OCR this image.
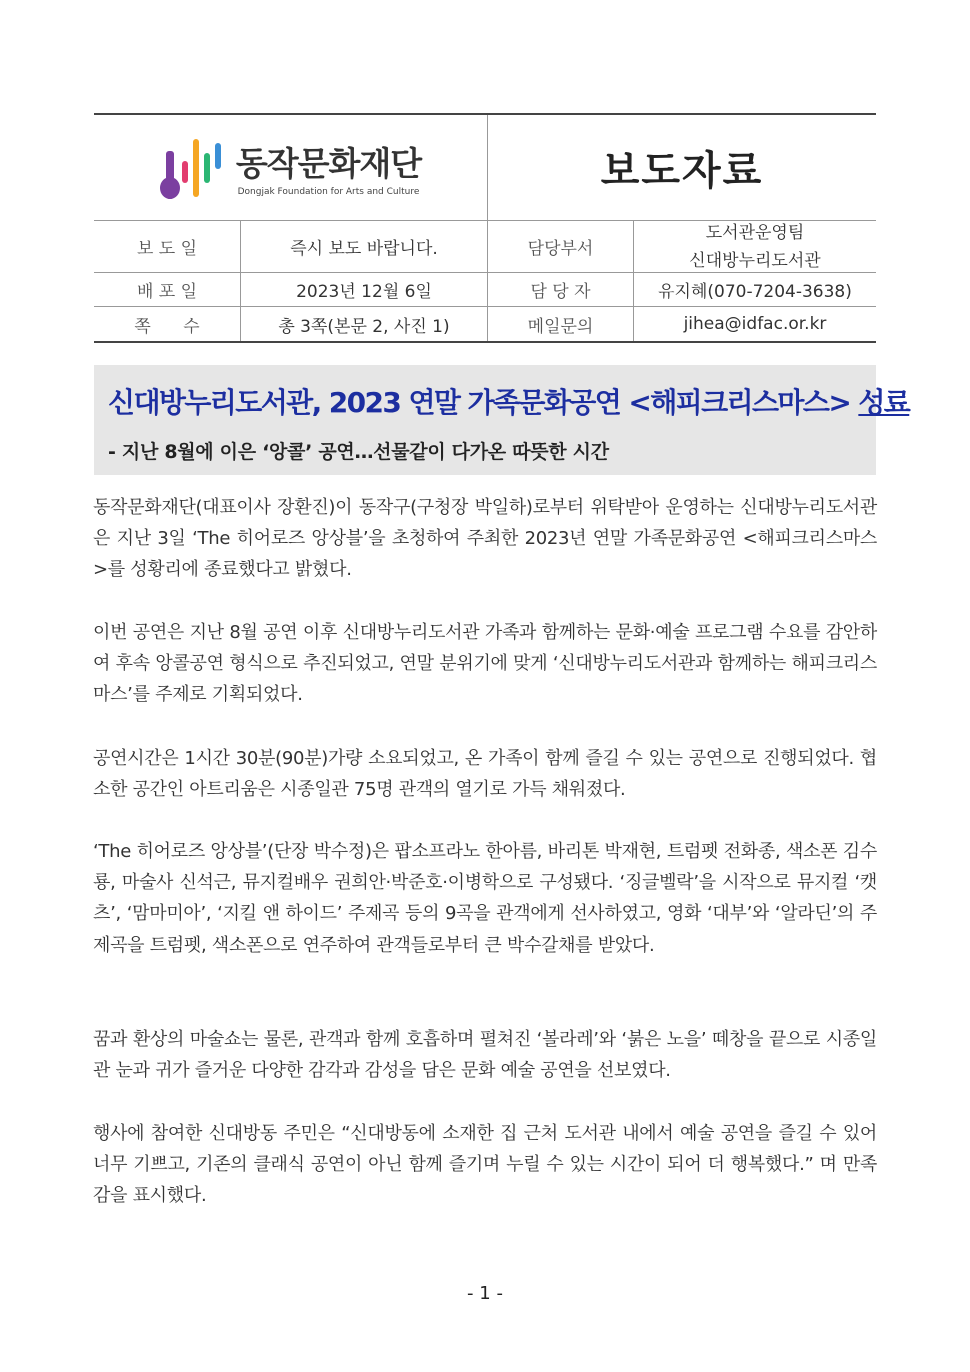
동작문화재단
Dongjak Foundation for Arts and Culture	보도자료
보 도 일	즉시 보도 바랍니다.	담당부서
도서관운영팀
신대방누리도서관
배 포 일	2023년 12월 6일	담 당 자	유지혜(070-7204-3638)
쪽      수	총 3쪽(본문 2, 사진 1)	메일문의	jihea@idfac.or.kr
신대방누리도서관, 2023 연말 가족문화공연 <해피크리스마스> 성료
- 지난 8월에 이은 ‘앙콜’ 공연…선물같이 다가온 따뜻한 시간

동작문화재단(대표이사 장환진)이 동작구(구청장 박일하)로부터 위탁받아 운영하는 신대방누리도서관은 지난 3일 ‘The 히어로즈 앙상블’을 초청하여 주최한 2023년 연말 가족문화공연 <해피크리스마스>를 성황리에 종료했다고 밝혔다.

이번 공연은 지난 8월 공연 이후 신대방누리도서관 가족과 함께하는 문화·예술 프로그램 수요를 감안하여 후속 앙콜공연 형식으로 추진되었고, 연말 분위기에 맞게 ‘신대방누리도서관과 함께하는 해피크리스마스’를 주제로 기획되었다.

공연시간은 1시간 30분(90분)가량 소요되었고, 온 가족이 함께 즐길 수 있는 공연으로 진행되었다. 협소한 공간인 아트리움은 시종일관 75명 관객의 열기로 가득 채워졌다.

‘The 히어로즈 앙상블’(단장 박수정)은 팝소프라노 한아름, 바리톤 박재현, 트럼펫 전화종, 색소폰 김수룡, 마술사 신석근, 뮤지컬배우 권희안·박준호·이병학으로 구성됐다. ‘징글벨락’을 시작으로 뮤지컬 ‘캣츠’, ‘맘마미아’, ‘지킬 앤 하이드’ 주제곡 등의 9곡을 관객에게 선사하였고, 영화 ‘대부’와 ‘알라딘’의 주제곡을 트럼펫, 색소폰으로 연주하여 관객들로부터 큰 박수갈채를 받았다.

꿈과 환상의 마술쇼는 물론, 관객과 함께 호흡하며 펼쳐진 ‘볼라레’와 ‘붉은 노을’ 떼창을 끝으로 시종일관 눈과 귀가 즐거운 다양한 감각과 감성을 담은 문화 예술 공연을 선보였다.

행사에 참여한 신대방동 주민은 “신대방동에 소재한 집 근처 도서관 내에서 예술 공연을 즐길 수 있어 너무 기쁘고, 기존의 클래식 공연이 아닌 함께 즐기며 누릴 수 있는 시간이 되어 더 행복했다.” 며 만족감을 표시했다.

- 1 -
